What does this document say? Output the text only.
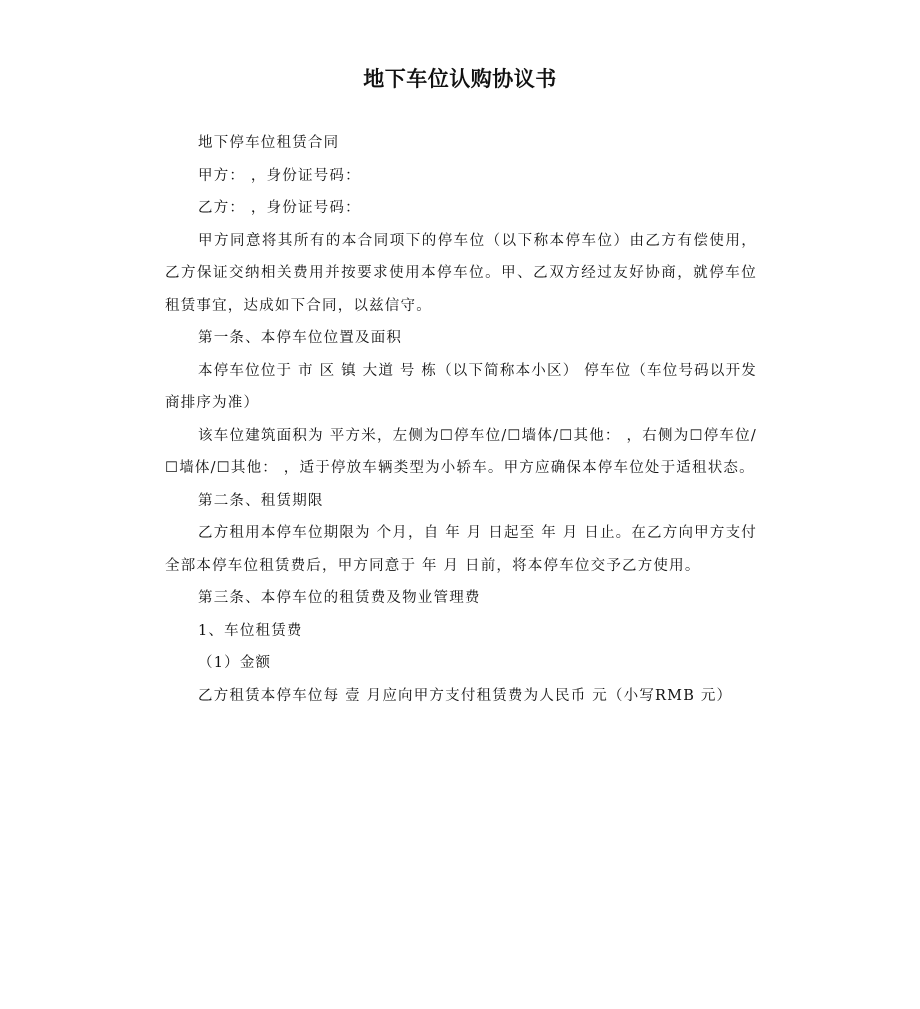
地下车位认购协议书

地下停车位租赁合同

甲方： ，身份证号码：

乙方： ，身份证号码：

甲方同意将其所有的本合同项下的停车位（以下称本停车位）由乙方有偿使用，乙方保证交纳相关费用并按要求使用本停车位。甲、乙双方经过友好协商，就停车位租赁事宜，达成如下合同，以兹信守。

第一条、本停车位位置及面积

本停车位位于 市 区 镇 大道 号 栋（以下简称本小区） 停车位（车位号码以开发商排序为准）

该车位建筑面积为 平方米，左侧为☐停车位/☐墙体/☐其他： ，右侧为☐停车位/☐墙体/☐其他： ，适于停放车辆类型为小轿车。甲方应确保本停车位处于适租状态。

第二条、租赁期限

乙方租用本停车位期限为 个月，自 年 月 日起至 年 月 日止。在乙方向甲方支付全部本停车位租赁费后，甲方同意于 年 月 日前，将本停车位交予乙方使用。

第三条、本停车位的租赁费及物业管理费

1、车位租赁费

（1）金额

乙方租赁本停车位每 壹 月应向甲方支付租赁费为人民币 元（小写RMB 元）
